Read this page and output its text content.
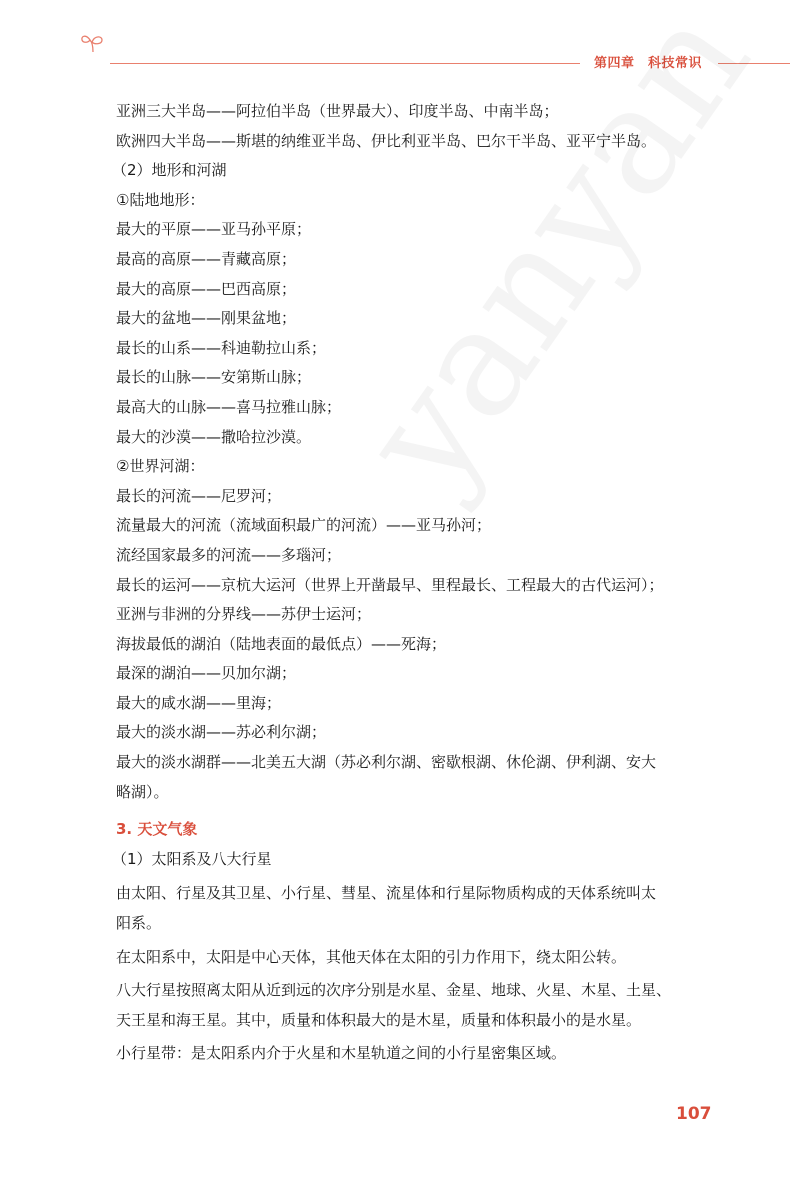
第四章　科技常识
亚洲三大半岛——阿拉伯半岛（世界最大）、印度半岛、中南半岛；
欧洲四大半岛——斯堪的纳维亚半岛、伊比利亚半岛、巴尔干半岛、亚平宁半岛。
（2）地形和河湖
①陆地地形：
最大的平原——亚马孙平原；
最高的高原——青藏高原；
最大的高原——巴西高原；
最大的盆地——刚果盆地；
最长的山系——科迪勒拉山系；
最长的山脉——安第斯山脉；
最高大的山脉——喜马拉雅山脉；
最大的沙漠——撒哈拉沙漠。
②世界河湖：
最长的河流——尼罗河；
流量最大的河流（流域面积最广的河流）——亚马孙河；
流经国家最多的河流——多瑙河；
最长的运河——京杭大运河（世界上开凿最早、里程最长、工程最大的古代运河）；
亚洲与非洲的分界线——苏伊士运河；
海拔最低的湖泊（陆地表面的最低点）——死海；
最深的湖泊——贝加尔湖；
最大的咸水湖——里海；
最大的淡水湖——苏必利尔湖；
最大的淡水湖群——北美五大湖（苏必利尔湖、密歇根湖、休伦湖、伊利湖、安大
略湖）。
3. 天文气象
（1）太阳系及八大行星
由太阳、行星及其卫星、小行星、彗星、流星体和行星际物质构成的天体系统叫太
阳系。
在太阳系中，太阳是中心天体，其他天体在太阳的引力作用下，绕太阳公转。
八大行星按照离太阳从近到远的次序分别是水星、金星、地球、火星、木星、土星、
天王星和海王星。其中，质量和体积最大的是木星，质量和体积最小的是水星。
小行星带：是太阳系内介于火星和木星轨道之间的小行星密集区域。
107
